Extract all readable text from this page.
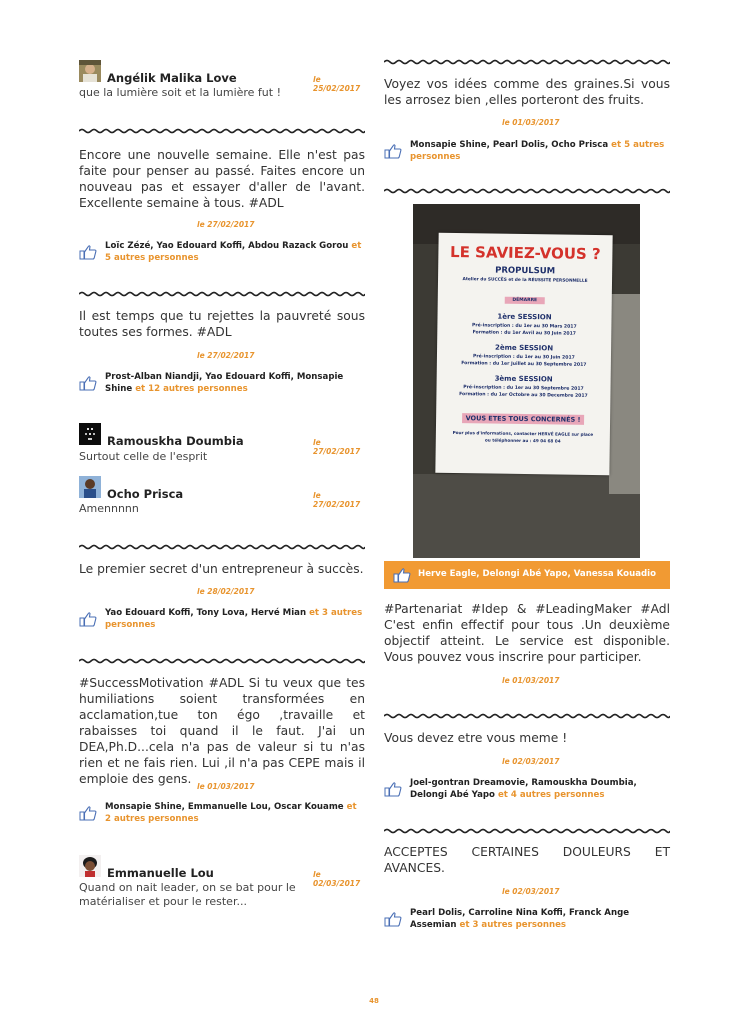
Angélik Malika Love	le 25/02/2017
que la lumière soit et la lumière fut !
Encore une nouvelle semaine. Elle n'est pas faite pour penser au passé. Faites encore un nouveau pas et essayer d'aller de l'avant. Excellente semaine à tous. #ADL
le 27/02/2017
Loïc Zézé, Yao Edouard Koffi, Abdou Razack Gorou et 5 autres personnes
Il est temps que tu rejettes la pauvreté sous toutes ses formes. #ADL
le 27/02/2017
Prost-Alban Niandji, Yao Edouard Koffi, Monsapie Shine et 12 autres personnes
Ramouskha Doumbia	le 27/02/2017
Surtout celle de l'esprit
Ocho Prisca	le 27/02/2017
Amennnnn
Le premier secret d'un entrepreneur à succès.
le 28/02/2017
Yao Edouard Koffi, Tony Lova, Hervé Mian et 3 autres personnes
#SuccessMotivation #ADL Si tu veux que tes humiliations soient transformées en acclamation,tue ton égo ,travaille et rabaisses toi quand il le faut. J'ai un DEA,Ph.D...cela n'a pas de valeur si tu n'as rien et ne fais rien. Lui ,il n'a pas CEPE mais il emploie des gens.
le 01/03/2017
Monsapie Shine, Emmanuelle Lou, Oscar Kouame et 2 autres personnes
Emmanuelle Lou	le 02/03/2017
Quand on nait leader, on se bat pour le matérialiser et pour le rester...
Voyez vos idées comme des graines.Si vous les arrosez bien ,elles porteront des fruits.
le 01/03/2017
Monsapie Shine, Pearl Dolis, Ocho Prisca et 5 autres personnes
LE SAVIEZ-VOUS ?
PROPULSUM
Atelier du SUCCÈS et de la RÉUSSITE PERSONNELLE
DÉMARRE
1ère SESSION
Pré-inscription : du 1er au 30 Mars 2017
Formation : du 1er Avril au 30 Juin 2017
2ème SESSION
Pré-inscription : du 1er au 30 Juin 2017
Formation : du 1er Juillet au 30 Septembre 2017
3ème SESSION
Pré-inscription : du 1er au 30 Septembre 2017
Formation : du 1er Octobre au 30 Decembre 2017
VOUS ETES TOUS CONCERNÉS !
Pour plus d'informations, contacter HERVÉ EAGLE sur place
ou téléphonner au : 49 04 68 04
Herve Eagle, Delongi Abé Yapo, Vanessa Kouadio
#Partenariat #Idep & #LeadingMaker #Adl C'est enfin effectif pour tous .Un deuxième objectif atteint. Le service est disponible. Vous pouvez vous inscrire pour participer.
le 01/03/2017
Vous devez etre vous meme !
le 02/03/2017
Joel-gontran Dreamovie, Ramouskha Doumbia, Delongi Abé Yapo et 4 autres personnes
ACCEPTES CERTAINES DOULEURS ET AVANCES.
le 02/03/2017
Pearl Dolis, Carroline Nina Koffi, Franck Ange Assemian et 3 autres personnes
48
